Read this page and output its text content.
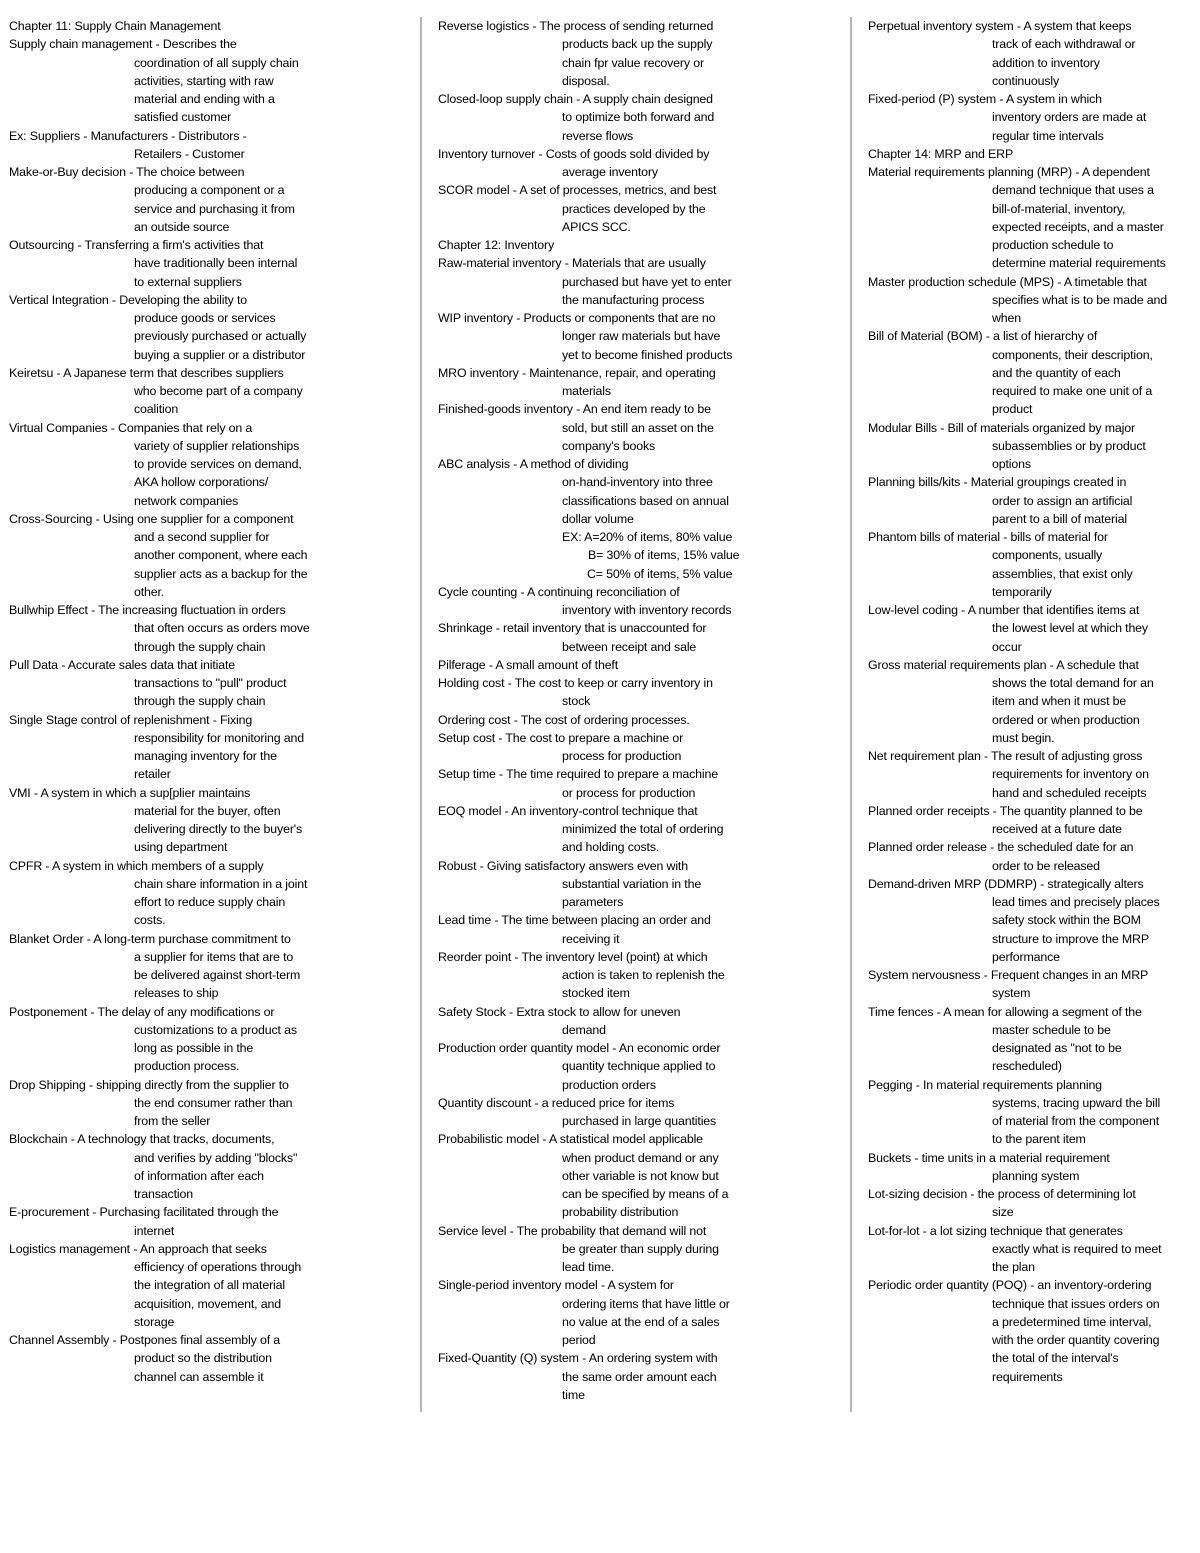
Chapter 11: Supply Chain Management
Supply chain management - Describes the
coordination of all supply chain
activities, starting with raw
material and ending with a
satisfied customer
Ex: Suppliers - Manufacturers - Distributors -
Retailers - Customer
Make-or-Buy decision - The choice between
producing a component or a
service and purchasing it from
an outside source
Outsourcing - Transferring a firm's activities that
have traditionally been internal
to external suppliers
Vertical Integration - Developing the ability to
produce goods or services
previously purchased or actually
buying a supplier or a distributor
Keiretsu - A Japanese term that describes suppliers
who become part of a company
coalition
Virtual Companies - Companies that rely on a
variety of supplier relationships
to provide services on demand,
AKA hollow corporations/
network companies
Cross-Sourcing - Using one supplier for a component
and a second supplier for
another component, where each
supplier acts as a backup for the
other.
Bullwhip Effect - The increasing fluctuation in orders
that often occurs as orders move
through the supply chain
Pull Data - Accurate sales data that initiate
transactions to "pull" product
through the supply chain
Single Stage control of replenishment - Fixing
responsibility for monitoring and
managing inventory for the
retailer
VMI - A system in which a sup[plier maintains
material for the buyer, often
delivering directly to the buyer's
using department
CPFR - A system in which members of a supply
chain share information in a joint
effort to reduce supply chain
costs.
Blanket Order - A long-term purchase commitment to
a supplier for items that are to
be delivered against short-term
releases to ship
Postponement - The delay of any modifications or
customizations to a product as
long as possible in the
production process.
Drop Shipping - shipping directly from the supplier to
the end consumer rather than
from the seller
Blockchain - A technology that tracks, documents,
and verifies by adding "blocks"
of information after each
transaction
E-procurement - Purchasing facilitated through the
internet
Logistics management - An approach that seeks
efficiency of operations through
the integration of all material
acquisition, movement, and
storage
Channel Assembly - Postpones final assembly of a
product so the distribution
channel can assemble it
Reverse logistics - The process of sending returned
products back up the supply
chain fpr value recovery or
disposal.
Closed-loop supply chain - A supply chain designed
to optimize both forward and
reverse flows
Inventory turnover - Costs of goods sold divided by
average inventory
SCOR model - A set of processes, metrics, and best
practices developed by the
APICS SCC.
Chapter 12: Inventory
Raw-material inventory - Materials that are usually
purchased but have yet to enter
the manufacturing process
WIP inventory - Products or components that are no
longer raw materials but have
yet to become finished products
MRO inventory - Maintenance, repair, and operating
materials
Finished-goods inventory - An end item ready to be
sold, but still an asset on the
company's books
ABC analysis - A method of dividing
on-hand-inventory into three
classifications based on annual
dollar volume
EX: A=20% of items, 80% value
B= 30% of items, 15% value
C= 50% of items, 5% value
Cycle counting - A continuing reconciliation of
inventory with inventory records
Shrinkage - retail inventory that is unaccounted for
between receipt and sale
Pilferage - A small amount of theft
Holding cost - The cost to keep or carry inventory in
stock
Ordering cost - The cost of ordering processes.
Setup cost - The cost to prepare a machine or
process for production
Setup time - The time required to prepare a machine
or process for production
EOQ model - An inventory-control technique that
minimized the total of ordering
and holding costs.
Robust - Giving satisfactory answers even with
substantial variation in the
parameters
Lead time - The time between placing an order and
receiving it
Reorder point - The inventory level (point) at which
action is taken to replenish the
stocked item
Safety Stock - Extra stock to allow for uneven
demand
Production order quantity model - An economic order
quantity technique applied to
production orders
Quantity discount - a reduced price for items
purchased in large quantities
Probabilistic model - A statistical model applicable
when product demand or any
other variable is not know but
can be specified by means of a
probability distribution
Service level - The probability that demand will not
be greater than supply during
lead time.
Single-period inventory model - A system for
ordering items that have little or
no value at the end of a sales
period
Fixed-Quantity (Q) system - An ordering system with
the same order amount each
time
Perpetual inventory system - A system that keeps
track of each withdrawal or
addition to inventory
continuously
Fixed-period (P) system - A system in which
inventory orders are made at
regular time intervals
Chapter 14: MRP and ERP
Material requirements planning (MRP) - A dependent
demand technique that uses a
bill-of-material, inventory,
expected receipts, and a master
production schedule to
determine material requirements
Master production schedule (MPS) - A timetable that
specifies what is to be made and
when
Bill of Material (BOM) - a list of hierarchy of
components, their description,
and the quantity of each
required to make one unit of a
product
Modular Bills - Bill of materials organized by major
subassemblies or by product
options
Planning bills/kits - Material groupings created in
order to assign an artificial
parent to a bill of material
Phantom bills of material - bills of material for
components, usually
assemblies, that exist only
temporarily
Low-level coding - A number that identifies items at
the lowest level at which they
occur
Gross material requirements plan - A schedule that
shows the total demand for an
item and when it must be
ordered or when production
must begin.
Net requirement plan - The result of adjusting gross
requirements for inventory on
hand and scheduled receipts
Planned order receipts - The quantity planned to be
received at a future date
Planned order release - the scheduled date for an
order to be released
Demand-driven MRP (DDMRP) - strategically alters
lead times and precisely places
safety stock within the BOM
structure to improve the MRP
performance
System nervousness - Frequent changes in an MRP
system
Time fences - A mean for allowing a segment of the
master schedule to be
designated as "not to be
rescheduled)
Pegging - In material requirements planning
systems, tracing upward the bill
of material from the component
to the parent item
Buckets - time units in a material requirement
planning system
Lot-sizing decision - the process of determining lot
size
Lot-for-lot - a lot sizing technique that generates
exactly what is required to meet
the plan
Periodic order quantity (POQ) - an inventory-ordering
technique that issues orders on
a predetermined time interval,
with the order quantity covering
the total of the interval's
requirements
